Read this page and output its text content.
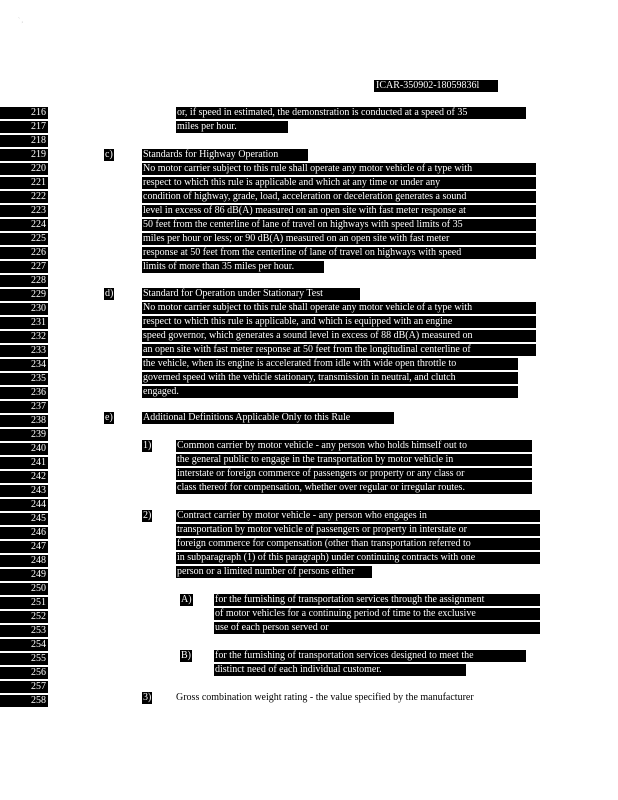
` ,
ICAR-350902-18059836l
216
217
218
219
220
221
222
223
224
225
226
227
228
229
230
231
232
233
234
235
236
237
238
239
240
241
242
243
244
245
246
247
248
249
250
251
252
253
254
255
256
257
258
c)
d)
e)
1)
2)
A)
B)
3)
or, if speed in estimated, the demonstration is conducted at a speed of 35
miles per hour.
Standards for Highway Operation
No motor carrier subject to this rule shall operate any motor vehicle of a type with
respect to which this rule is applicable and which at any time or under any
condition of highway, grade, load, acceleration or deceleration generates a sound
level in excess of 86 dB(A) measured on an open site with fast meter response at
50 feet from the centerline of lane of travel on highways with speed limits of 35
miles per hour or less; or 90 dB(A) measured on an open site with fast meter
response at 50 feet from the centerline of lane of travel on highways with speed
limits of more than 35 miles per hour.
Standard for Operation under Stationary Test
No motor carrier subject to this rule shall operate any motor vehicle of a type with
respect to which this rule is applicable, and which is equipped with an engine
speed governor, which generates a sound level in excess of 88 dB(A) measured on
an open site with fast meter response at 50 feet from the longitudinal centerline of
the vehicle, when its engine is accelerated from idle with wide open throttle to
governed speed with the vehicle stationary, transmission in neutral, and clutch
engaged.
Additional Definitions Applicable Only to this Rule
Common carrier by motor vehicle - any person who holds himself out to
the general public to engage in the transportation by motor vehicle in
interstate or foreign commerce of passengers or property or any class or
class thereof for compensation, whether over regular or irregular routes.
Contract carrier by motor vehicle - any person who engages in
transportation by motor vehicle of passengers or property in interstate or
foreign commerce for compensation (other than transportation referred to
in subparagraph (1) of this paragraph) under continuing contracts with one
person or a limited number of persons either
for the furnishing of transportation services through the assignment
of motor vehicles for a continuing period of time to the exclusive
use of each person served or
for the furnishing of transportation services designed to meet the
distinct need of each individual customer.
Gross combination weight rating - the value specified by the manufacturer
